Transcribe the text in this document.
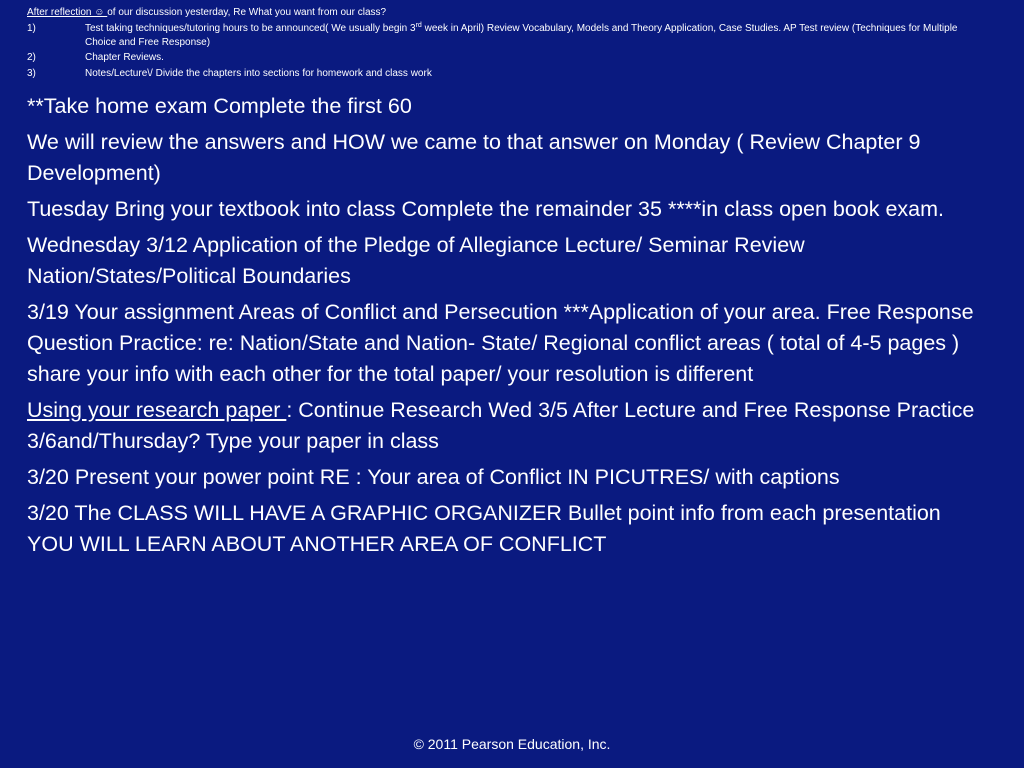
After reflection ☺ of our discussion yesterday, Re What you want from our class?
1)	Test taking techniques/tutoring hours to be announced( We usually begin 3rd week in April) Review Vocabulary, Models and Theory Application, Case Studies. AP Test review (Techniques for Multiple Choice and Free Response)
2)	Chapter Reviews.
3)	Notes/Lecture\/ Divide the chapters into sections for homework and class work

**Take home exam Complete the first 60

We will review the answers and HOW we came to that answer on Monday ( Review Chapter 9 Development)

Tuesday Bring your textbook into class Complete the remainder 35 ****in class open book exam.

Wednesday 3/12 Application of the Pledge of Allegiance Lecture/ Seminar Review Nation/States/Political Boundaries

3/19 Your assignment Areas of Conflict and Persecution ***Application of your area. Free Response Question Practice: re: Nation/State and Nation- State/ Regional conflict areas ( total of 4-5 pages ) share your info with each other for the total paper/ your resolution is different

Using your research paper : Continue Research Wed 3/5 After Lecture and Free Response Practice 3/6and/Thursday? Type your paper in class

3/20 Present your power point RE : Your area of Conflict IN PICUTRES/ with captions

3/20 The CLASS WILL HAVE A GRAPHIC ORGANIZER Bullet point info from each presentation YOU WILL LEARN ABOUT ANOTHER AREA OF CONFLICT

© 2011 Pearson Education, Inc.
